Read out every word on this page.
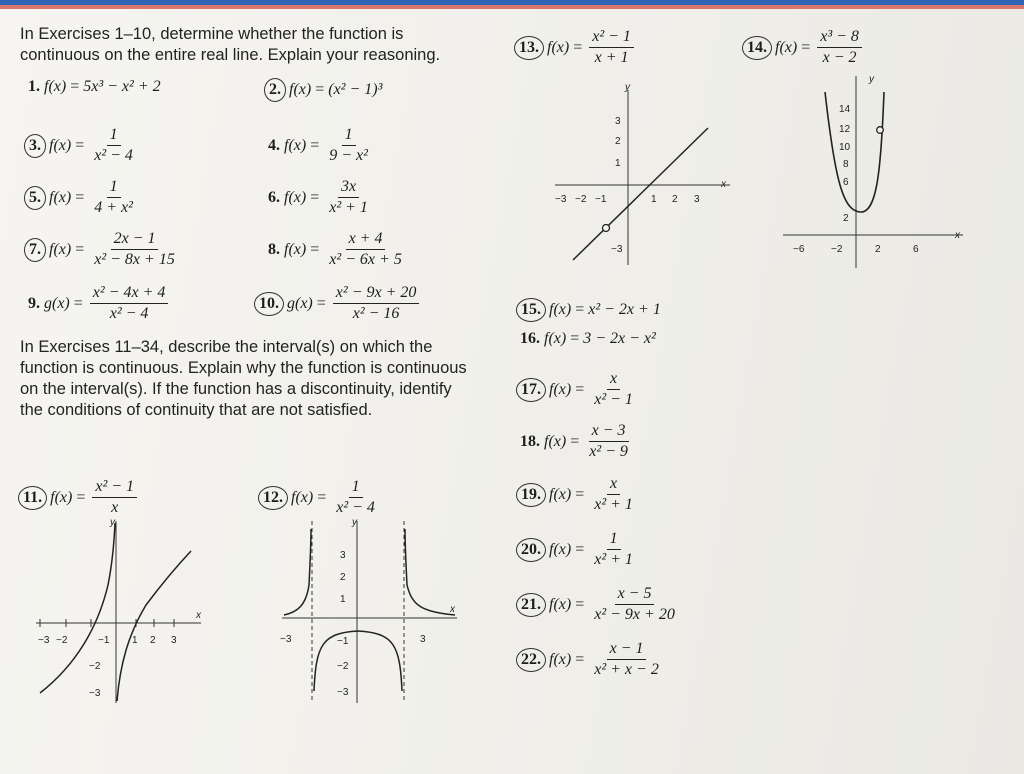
In Exercises 1–10, determine whether the function is continuous on the entire real line. Explain your reasoning.

In Exercises 11–34, describe the interval(s) on which the function is continuous. Explain why the function is continuous on the interval(s). If the function has a discontinuity, identify the conditions of continuity that are not satisfied.

1. f(x) = 5x³ − x² + 2	2. f(x) = (x² − 1)³
3. $f(x) = \frac{1}{\text{x² − 4}}$	4. $f(x) = \frac{1}{\text{9 − x²}}$
5. $f(x) = \frac{1}{\text{4 + x²}}$	6. $f(x) = \frac{3x}{\text{x² + 1}}$
7. $f(x) = \frac{2x - 1}{\text{x² − 8x + 15}}$	8. $f(x) = \frac{x + 4}{\text{x² − 6x + 5}}$
9. $g(x) = \frac{\text{x² − 4x + 4}}{\text{x² − 4}}$	10. $g(x) = \frac{\text{x² − 9x + 20}}{\text{x² − 16}}$
11. $f(x) = \frac{\text{x² − 1}}{x}$	12. $f(x) = \frac{1}{\text{x² − 4}}$
13. $f(x) = \frac{\text{x² − 1}}{x + 1}$	14. $f(x) = \frac{\text{x³ − 8}}{x - 2}$
15. f(x) = x² − 2x + 1
16. f(x) = 3 − 2x − x²
17. $f(x) = \frac{x}{\text{x² − 1}}$
18. $f(x) = \frac{x - 3}{\text{x² − 9}}$
19. $f(x) = \frac{x}{\text{x² + 1}}$
20. $f(x) = \frac{1}{\text{x² + 1}}$
21. $f(x) = \frac{x - 5}{\text{x² − 9x + 20}}$
22. $f(x) = \frac{x - 1}{\text{x² + x − 2}}$
x
y
−3 −2	−1 1 2 3
−2
−3
x
y
3
2
1
−1
−2
−3
−3	3
x
y
−3 −2 −1	1 2 3
3
2
1
−3
x
y
14
12
10
8
6
2
−6	−2	2	6
